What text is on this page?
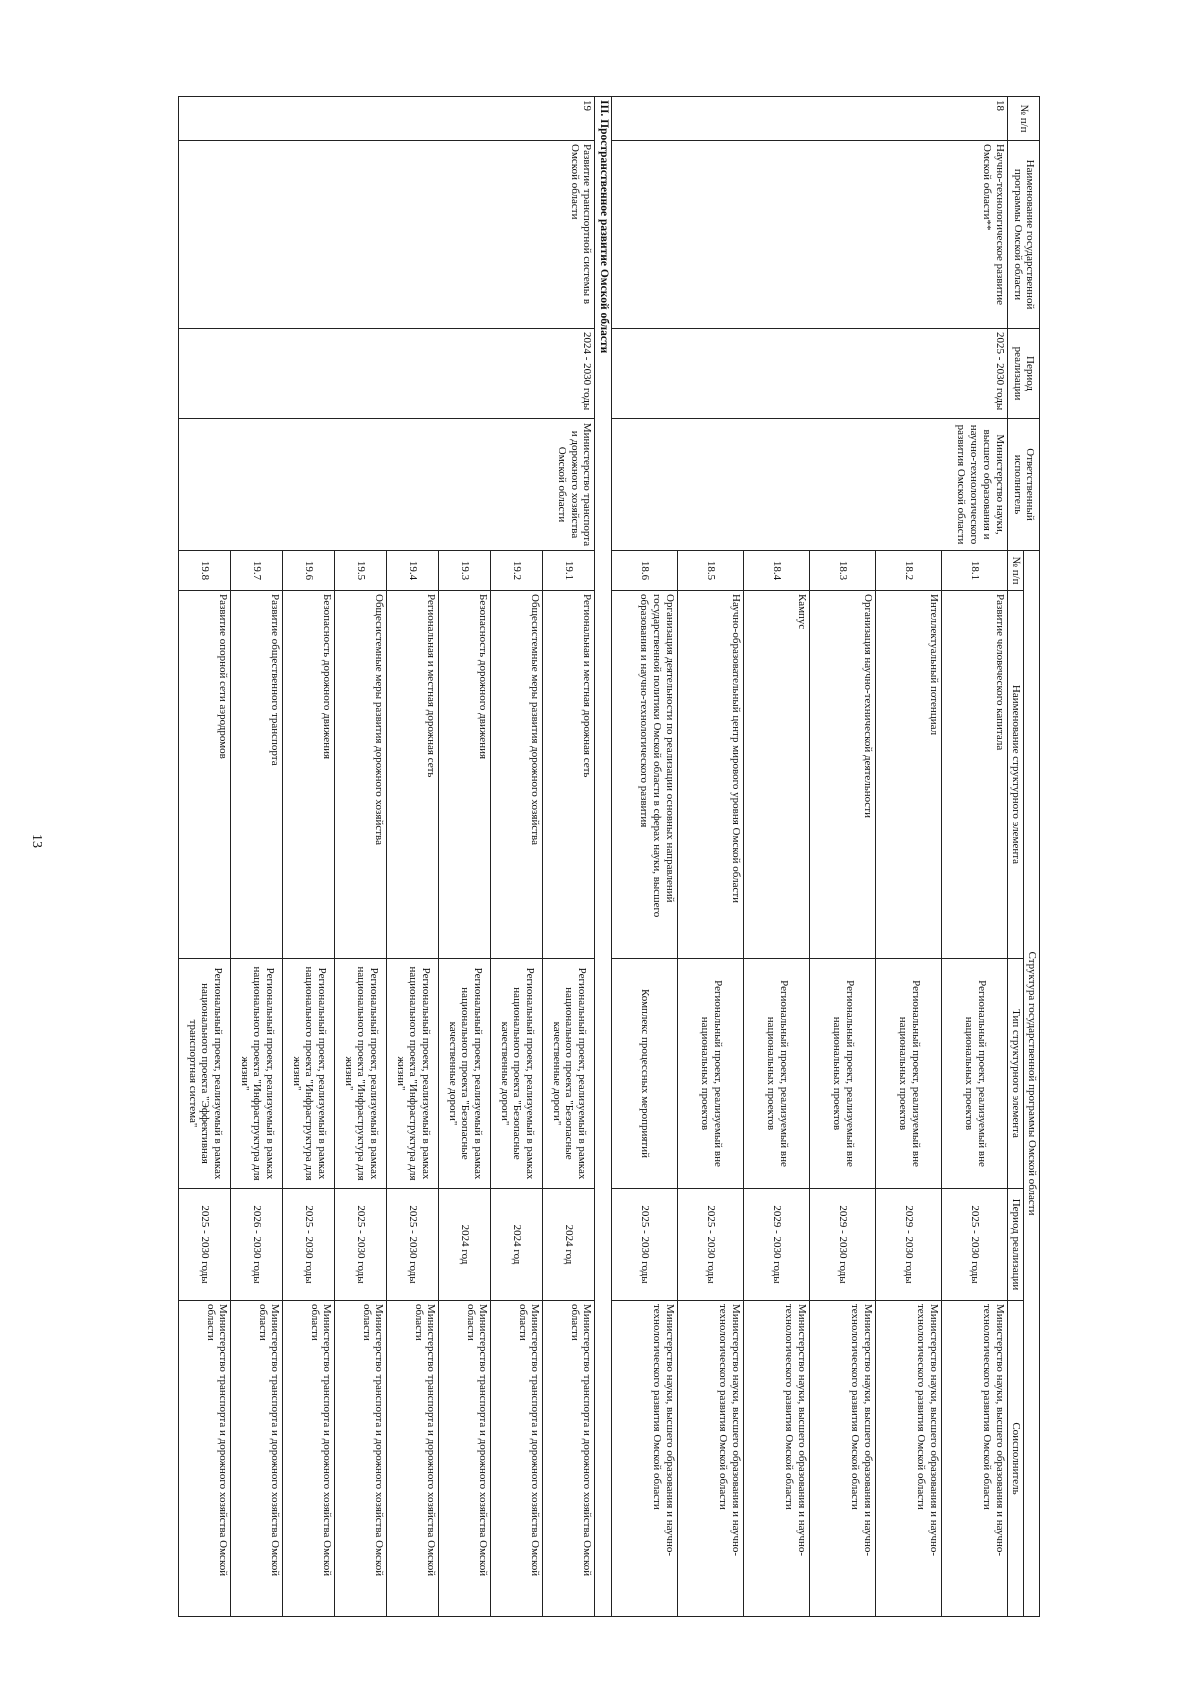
13
№ п/п	Наименование государственной программы Омской области	Период реализации	Ответственный исполнитель	Структура государственной программы Омской области				
				№ п/п	Наименование структурного элемента	Тип структурного элемента	Период реализации	Соисполнитель
18	Научно-технологическое развитие Омской области**	2025 - 2030 годы	Министерство науки, высшего образования и научно-технологического развития Омской области	18.1	Развитие человеческого капитала	Региональный проект, реализуемый вне национальных проектов	2025 - 2030 годы	Министерство науки, высшего образования и научно-технологического развития Омской области
				18.2	Интеллектуальный потенциал	Региональный проект, реализуемый вне национальных проектов	2029 - 2030 годы	Министерство науки, высшего образования и научно-технологического развития Омской области
				18.3	Организация научно-технической деятельности	Региональный проект, реализуемый вне национальных проектов	2029 - 2030 годы	Министерство науки, высшего образования и научно-технологического развития Омской области
				18.4	Кампус	Региональный проект, реализуемый вне национальных проектов	2029 - 2030 годы	Министерство науки, высшего образования и научно-технологического развития Омской области
				18.5	Научно-образовательный центр мирового уровня Омской области	Региональный проект, реализуемый вне национальных проектов	2025 - 2030 годы	Министерство науки, высшего образования и научно-технологического развития Омской области
				18.6	Организация деятельности по реализации основных направлений государственной политики Омской области в сферах науки, высшего образования и научно-технологического развития	Комплекс процессных мероприятий	2025 - 2030 годы	Министерство науки, высшего образования и научно-технологического развития Омской области
III. Пространственное развитие Омской области								
19	Развитие транспортной системы в Омской области	2024 - 2030 годы	Министерство транспорта и дорожного хозяйства Омской области	19.1	Региональная и местная дорожная сеть	Региональный проект, реализуемый в рамках национального проекта "Безопасные качественные дороги"	2024 год	Министерство транспорта и дорожного хозяйства Омской области
				19.2	Общесистемные меры развития дорожного хозяйства	Региональный проект, реализуемый в рамках национального проекта "Безопасные качественные дороги"	2024 год	Министерство транспорта и дорожного хозяйства Омской области
				19.3	Безопасность дорожного движения	Региональный проект, реализуемый в рамках национального проекта "Безопасные качественные дороги"	2024 год	Министерство транспорта и дорожного хозяйства Омской области
				19.4	Региональная и местная дорожная сеть	Региональный проект, реализуемый в рамках национального проекта "Инфраструктура для жизни"	2025 - 2030 годы	Министерство транспорта и дорожного хозяйства Омской области
				19.5	Общесистемные меры развития дорожного хозяйства	Региональный проект, реализуемый в рамках национального проекта "Инфраструктура для жизни"	2025 - 2030 годы	Министерство транспорта и дорожного хозяйства Омской области
				19.6	Безопасность дорожного движения	Региональный проект, реализуемый в рамках национального проекта "Инфраструктура для жизни"	2025 - 2030 годы	Министерство транспорта и дорожного хозяйства Омской области
				19.7	Развитие общественного транспорта	Региональный проект, реализуемый в рамках национального проекта "Инфраструктура для жизни"	2026 - 2030 годы	Министерство транспорта и дорожного хозяйства Омской области
				19.8	Развитие опорной сети аэродромов	Региональный проект, реализуемый в рамках национального проекта "Эффективная транспортная система"	2025 - 2030 годы	Министерство транспорта и дорожного хозяйства Омской области
